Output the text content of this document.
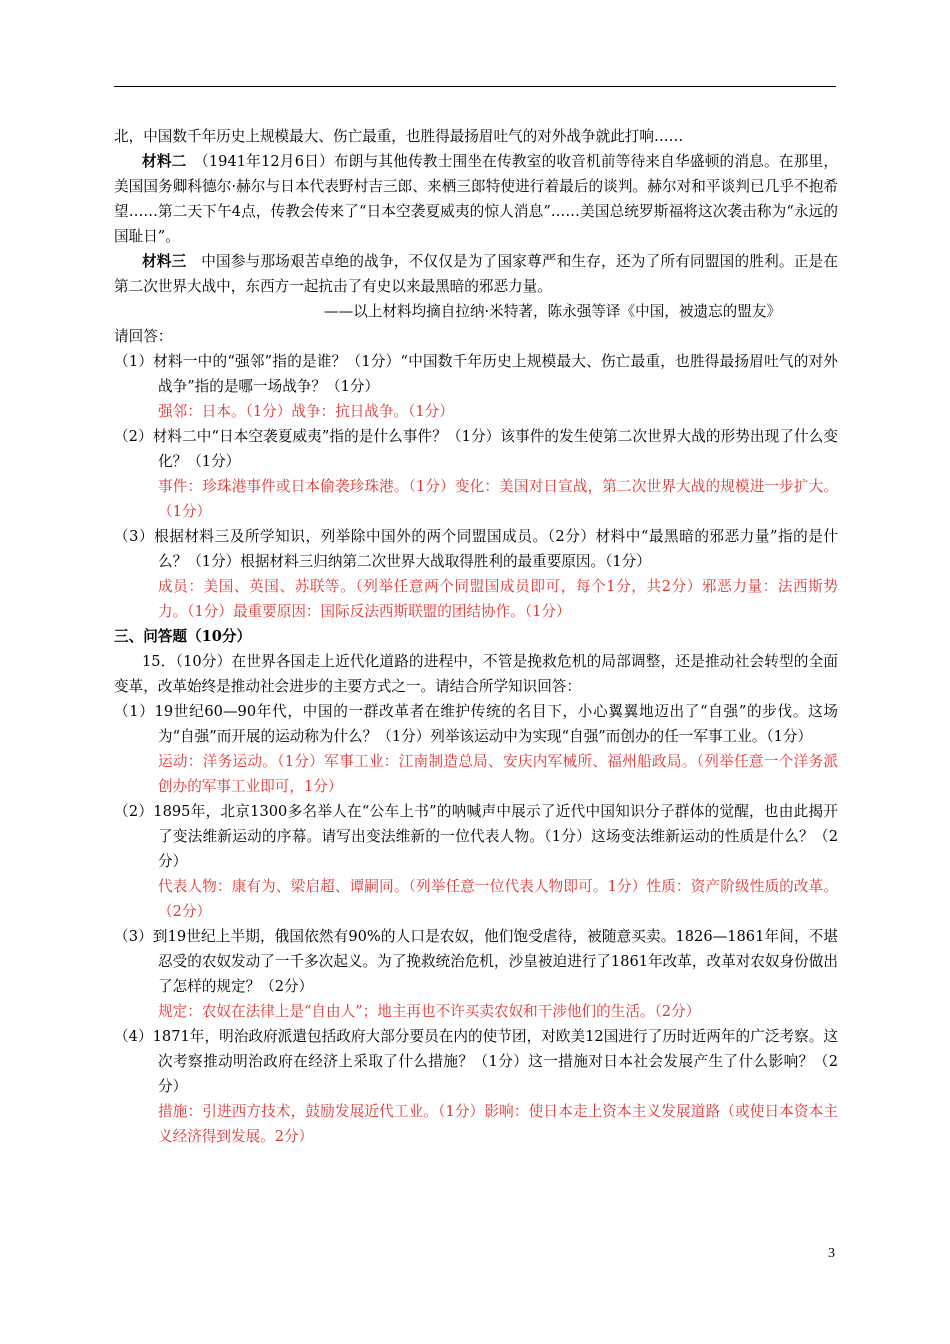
北，中国数千年历史上规模最大、伤亡最重，也胜得最扬眉吐气的对外战争就此打响……

材料二　 （1941年12月6日）布朗与其他传教士围坐在传教室的收音机前等待来自华盛顿的消息。在那里，美国国务卿科德尔·赫尔与日本代表野村吉三郎、来栖三郎特使进行着最后的谈判。赫尔对和平谈判已几乎不抱希望……第二天下午4点，传教会传来了“日本空袭夏威夷的惊人消息”……美国总统罗斯福将这次袭击称为“永远的国耻日”。

材料三　 中国参与那场艰苦卓绝的战争，不仅仅是为了国家尊严和生存，还为了所有同盟国的胜利。正是在第二次世界大战中，东西方一起抗击了有史以来最黑暗的邪恶力量。

——以上材料均摘自拉纳·米特著，陈永强等译《中国，被遗忘的盟友》

请回答：

（1）材料一中的“强邻”指的是谁？（1分）“中国数千年历史上规模最大、伤亡最重，也胜得最扬眉吐气的对外战争”指的是哪一场战争？（1分）

强邻：日本。（1分）战争：抗日战争。（1分）

（2）材料二中“日本空袭夏威夷”指的是什么事件？（1分）该事件的发生使第二次世界大战的形势出现了什么变化？（1分）

事件：珍珠港事件或日本偷袭珍珠港。（1分）变化：美国对日宣战，第二次世界大战的规模进一步扩大。（1分）

（3）根据材料三及所学知识，列举除中国外的两个同盟国成员。（2分）材料中“最黑暗的邪恶力量”指的是什么？（1分）根据材料三归纳第二次世界大战取得胜利的最重要原因。（1分）

成员：美国、英国、苏联等。（列举任意两个同盟国成员即可，每个1分，共2分）邪恶力量：法西斯势力。（1分）最重要原因：国际反法西斯联盟的团结协作。（1分）

三、问答题（10分）

15．（10分）在世界各国走上近代化道路的进程中，不管是挽救危机的局部调整，还是推动社会转型的全面变革，改革始终是推动社会进步的主要方式之一。请结合所学知识回答：

（1）19世纪60—90年代，中国的一群改革者在维护传统的名目下，小心翼翼地迈出了“自强”的步伐。这场为“自强”而开展的运动称为什么？（1分）列举该运动中为实现“自强”而创办的任一军事工业。（1分）

运动：洋务运动。（1分）军事工业：江南制造总局、安庆内军械所、福州船政局。（列举任意一个洋务派创办的军事工业即可，1分）

（2）1895年，北京1300多名举人在“公车上书”的呐喊声中展示了近代中国知识分子群体的觉醒，也由此揭开了变法维新运动的序幕。请写出变法维新的一位代表人物。（1分）这场变法维新运动的性质是什么？（2分）

代表人物：康有为、梁启超、谭嗣同。（列举任意一位代表人物即可。1分）性质：资产阶级性质的改革。（2分）

（3）到19世纪上半期，俄国依然有90%的人口是农奴，他们饱受虐待，被随意买卖。1826—1861年间，不堪忍受的农奴发动了一千多次起义。为了挽救统治危机，沙皇被迫进行了1861年改革，改革对农奴身份做出了怎样的规定？（2分）

规定：农奴在法律上是“自由人”；地主再也不许买卖农奴和干涉他们的生活。（2分）

（4）1871年，明治政府派遣包括政府大部分要员在内的使节团，对欧美12国进行了历时近两年的广泛考察。这次考察推动明治政府在经济上采取了什么措施？（1分）这一措施对日本社会发展产生了什么影响？（2分）

措施：引进西方技术，鼓励发展近代工业。（1分）影响：使日本走上资本主义发展道路（或使日本资本主义经济得到发展。2分）

3
